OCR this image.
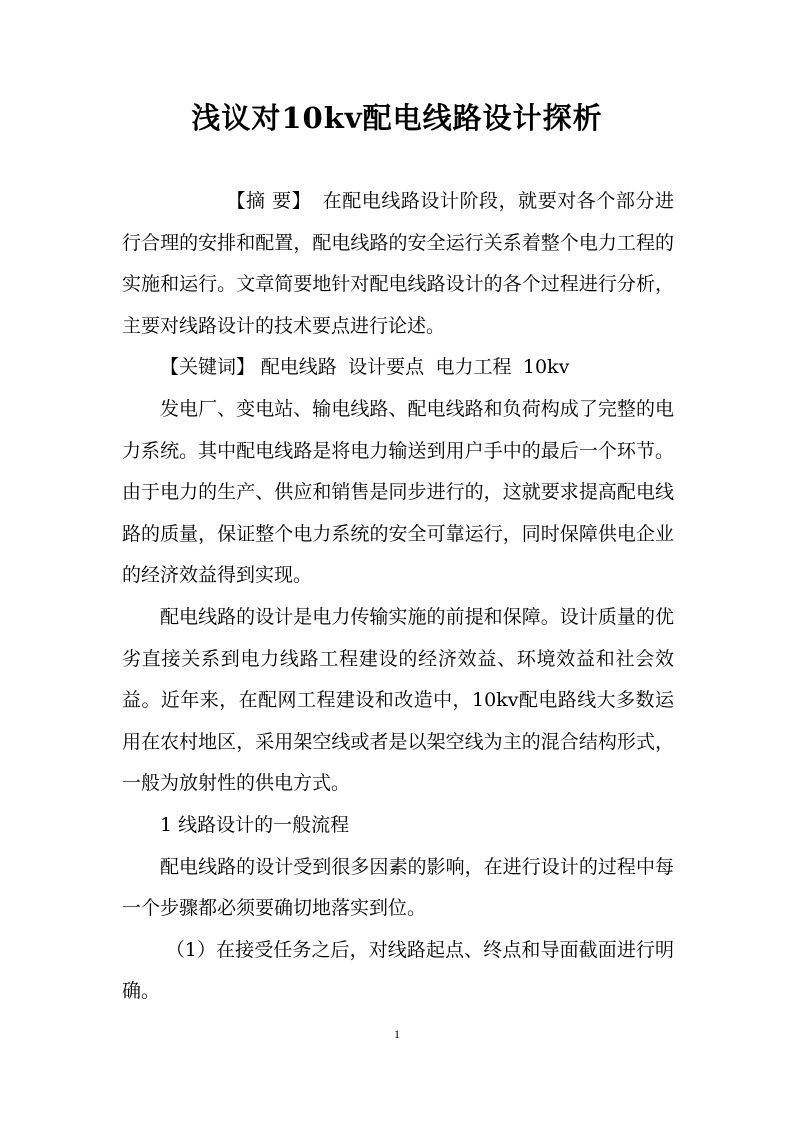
浅议对10kv配电线路设计探析

【摘 要】 在配电线路设计阶段，就要对各个部分进行合理的安排和配置，配电线路的安全运行关系着整个电力工程的实施和运行。文章简要地针对配电线路设计的各个过程进行分析，主要对线路设计的技术要点进行论述。

【关键词】 配电线路 设计要点 电力工程 10kv

发电厂、变电站、输电线路、配电线路和负荷构成了完整的电力系统。其中配电线路是将电力输送到用户手中的最后一个环节。由于电力的生产、供应和销售是同步进行的，这就要求提高配电线路的质量，保证整个电力系统的安全可靠运行，同时保障供电企业的经济效益得到实现。

配电线路的设计是电力传输实施的前提和保障。设计质量的优劣直接关系到电力线路工程建设的经济效益、环境效益和社会效益。近年来，在配网工程建设和改造中，10kv配电路线大多数运用在农村地区，采用架空线或者是以架空线为主的混合结构形式，一般为放射性的供电方式。

1 线路设计的一般流程

配电线路的设计受到很多因素的影响，在进行设计的过程中每一个步骤都必须要确切地落实到位。

（1）在接受任务之后，对线路起点、终点和导面截面进行明确。

1
